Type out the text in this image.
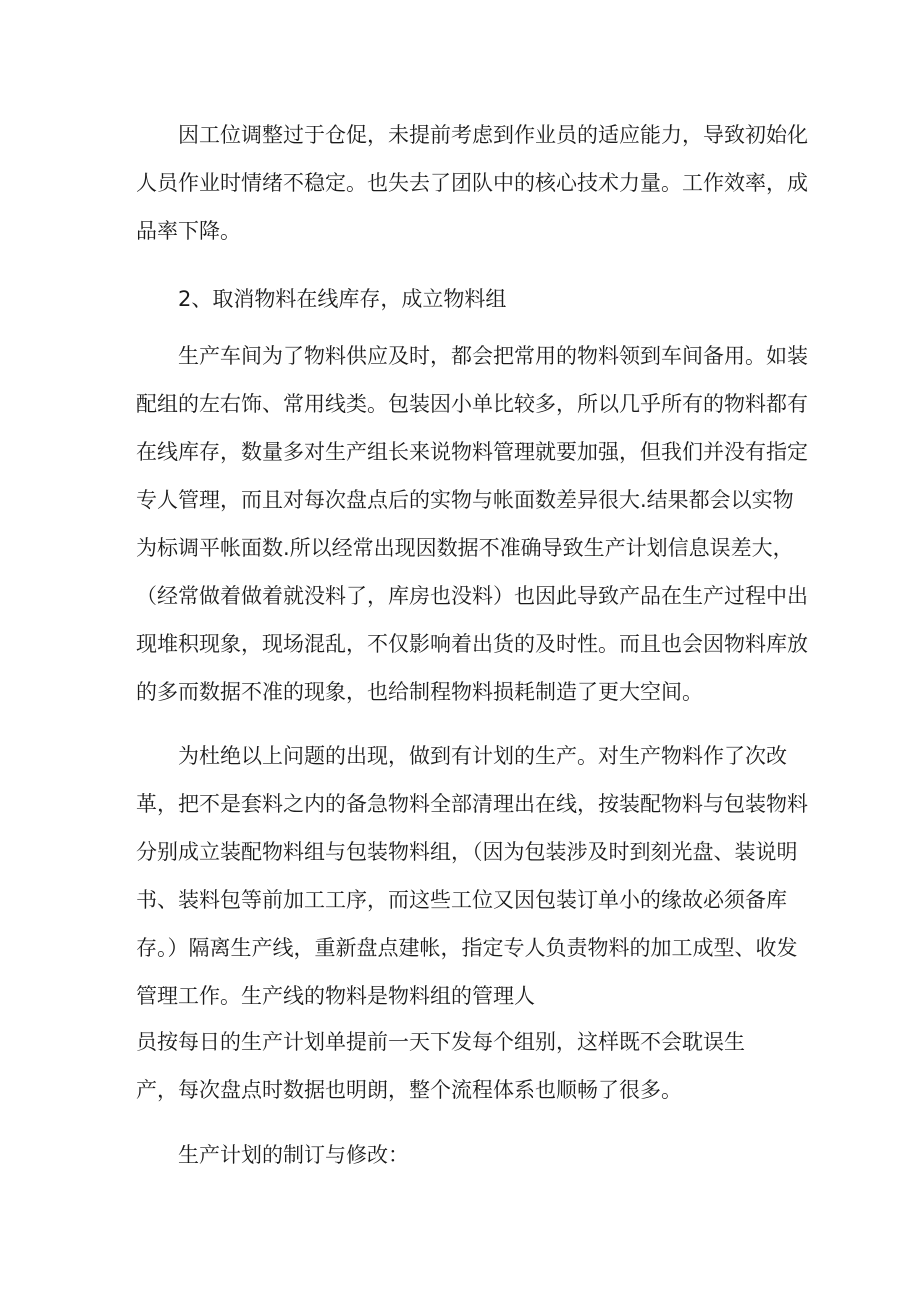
因工位调整过于仓促，未提前考虑到作业员的适应能力，导致初始化
人员作业时情绪不稳定。也失去了团队中的核心技术力量。工作效率，成
品率下降。
2、取消物料在线库存，成立物料组
生产车间为了物料供应及时，都会把常用的物料领到车间备用。如装
配组的左右饰、常用线类。包装因小单比较多，所以几乎所有的物料都有
在线库存，数量多对生产组长来说物料管理就要加强，但我们并没有指定
专人管理，而且对每次盘点后的实物与帐面数差异很大.结果都会以实物
为标调平帐面数.所以经常出现因数据不准确导致生产计划信息误差大，
（经常做着做着就没料了，库房也没料）也因此导致产品在生产过程中出
现堆积现象，现场混乱，不仅影响着出货的及时性。而且也会因物料库放
的多而数据不准的现象，也给制程物料损耗制造了更大空间。
为杜绝以上问题的出现，做到有计划的生产。对生产物料作了次改
革，把不是套料之内的备急物料全部清理出在线，按装配物料与包装物料
分别成立装配物料组与包装物料组，（因为包装涉及时到刻光盘、装说明
书、装料包等前加工工序，而这些工位又因包装订单小的缘故必须备库
存。）隔离生产线，重新盘点建帐，指定专人负责物料的加工成型、收发
管理工作。生产线的物料是物料组的管理人
员按每日的生产计划单提前一天下发每个组别，这样既不会耽误生
产，每次盘点时数据也明朗，整个流程体系也顺畅了很多。
生产计划的制订与修改：
